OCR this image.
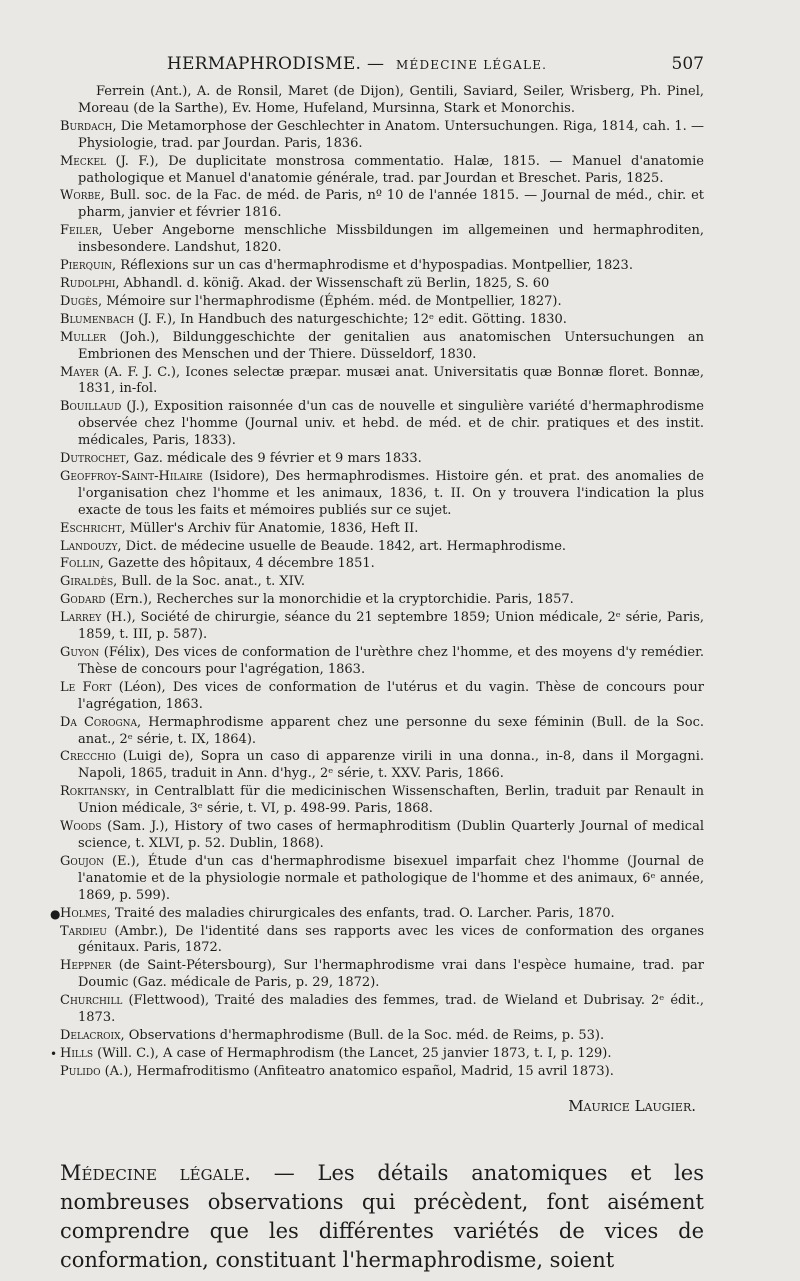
HERMAPHRODISME. — MÉDECINE LÉGALE.	507

Ferrein (Ant.), A. de Ronsil, Maret (de Dijon), Gentili, Saviard, Seiler, Wrisberg, Ph. Pinel, Moreau (de la Sarthe), Ev. Home, Hufeland, Mursinna, Stark et Monorchis.

Burdach, Die Metamorphose der Geschlechter in Anatom. Untersuchungen. Riga, 1814, cah. 1. — Physiologie, trad. par Jourdan. Paris, 1836.

Meckel (J. F.), De duplicitate monstrosa commentatio. Halæ, 1815. — Manuel d'anatomie pathologique et Manuel d'anatomie générale, trad. par Jourdan et Breschet. Paris, 1825.

Worbe, Bull. soc. de la Fac. de méd. de Paris, nº 10 de l'année 1815. — Journal de méd., chir. et pharm, janvier et février 1816.

Feiler, Ueber Angeborne menschliche Missbildungen im allgemeinen und hermaphroditen, insbesondere. Landshut, 1820.

Pierquin, Réflexions sur un cas d'hermaphrodisme et d'hypospadias. Montpellier, 1823.

Rudolphi, Abhandl. d. könig̃. Akad. der Wissenschaft zü Berlin, 1825, S. 60

Dugès, Mémoire sur l'hermaphrodisme (Éphém. méd. de Montpellier, 1827).

Blumenbach (J. F.), In Handbuch des naturgeschichte; 12ᵉ edit. Götting. 1830.

Muller (Joh.), Bildunggeschichte der genitalien aus anatomischen Untersuchungen an Embrionen des Menschen und der Thiere. Düsseldorf, 1830.

Mayer (A. F. J. C.), Icones selectæ præpar. musæi anat. Universitatis quæ Bonnæ floret. Bonnæ, 1831, in-fol.

Bouillaud (J.), Exposition raisonnée d'un cas de nouvelle et singulière variété d'hermaphrodisme observée chez l'homme (Journal univ. et hebd. de méd. et de chir. pratiques et des instit. médicales, Paris, 1833).

Dutrochet, Gaz. médicale des 9 février et 9 mars 1833.

Geoffroy-Saint-Hilaire (Isidore), Des hermaphrodismes. Histoire gén. et prat. des anomalies de l'organisation chez l'homme et les animaux, 1836, t. II. On y trouvera l'indication la plus exacte de tous les faits et mémoires publiés sur ce sujet.

Eschricht, Müller's Archiv für Anatomie, 1836, Heft II.

Landouzy, Dict. de médecine usuelle de Beaude. 1842, art. Hermaphrodisme.

Follin, Gazette des hôpitaux, 4 décembre 1851.

Giraldès, Bull. de la Soc. anat., t. XIV.

Godard (Ern.), Recherches sur la monorchidie et la cryptorchidie. Paris, 1857.

Larrey (H.), Société de chirurgie, séance du 21 septembre 1859; Union médicale, 2ᵉ série, Paris, 1859, t. III, p. 587).

Guyon (Félix), Des vices de conformation de l'urèthre chez l'homme, et des moyens d'y remédier. Thèse de concours pour l'agrégation, 1863.

Le Fort (Léon), Des vices de conformation de l'utérus et du vagin. Thèse de concours pour l'agrégation, 1863.

Da Corogna, Hermaphrodisme apparent chez une personne du sexe féminin (Bull. de la Soc. anat., 2ᵉ série, t. IX, 1864).

Crecchio (Luigi de), Sopra un caso di apparenze virili in una donna., in-8, dans il Morgagni. Napoli, 1865, traduit in Ann. d'hyg., 2ᵉ série, t. XXV. Paris, 1866.

Rokitansky, in Centralblatt für die medicinischen Wissenschaften, Berlin, traduit par Renault in Union médicale, 3ᵉ série, t. VI, p. 498-99. Paris, 1868.

Woods (Sam. J.), History of two cases of hermaphroditism (Dublin Quarterly Journal of medical science, t. XLVI, p. 52. Dublin, 1868).

Goujon (E.), Étude d'un cas d'hermaphrodisme bisexuel imparfait chez l'homme (Journal de l'anatomie et de la physiologie normale et pathologique de l'homme et des animaux, 6ᵉ année, 1869, p. 599).

● Holmes, Traité des maladies chirurgicales des enfants, trad. O. Larcher. Paris, 1870.

Tardieu (Ambr.), De l'identité dans ses rapports avec les vices de conformation des organes génitaux. Paris, 1872.

Heppner (de Saint-Pétersbourg), Sur l'hermaphrodisme vrai dans l'espèce humaine, trad. par Doumic (Gaz. médicale de Paris, p. 29, 1872).

Churchill (Flettwood), Traité des maladies des femmes, trad. de Wieland et Dubrisay. 2ᵉ édit., 1873.

Delacroix, Observations d'hermaphrodisme (Bull. de la Soc. méd. de Reims, p. 53).

• Hills (Will. C.), A case of Hermaphrodism (the Lancet, 25 janvier 1873, t. I, p. 129).

Pulido (A.), Hermafroditismo (Anfiteatro anatomico español, Madrid, 15 avril 1873).

Maurice Laugier.
Médecine légale. — Les détails anatomiques et les nombreuses observations qui précèdent, font aisément comprendre que les différentes variétés de vices de conformation, constituant l'hermaphrodisme, soient
